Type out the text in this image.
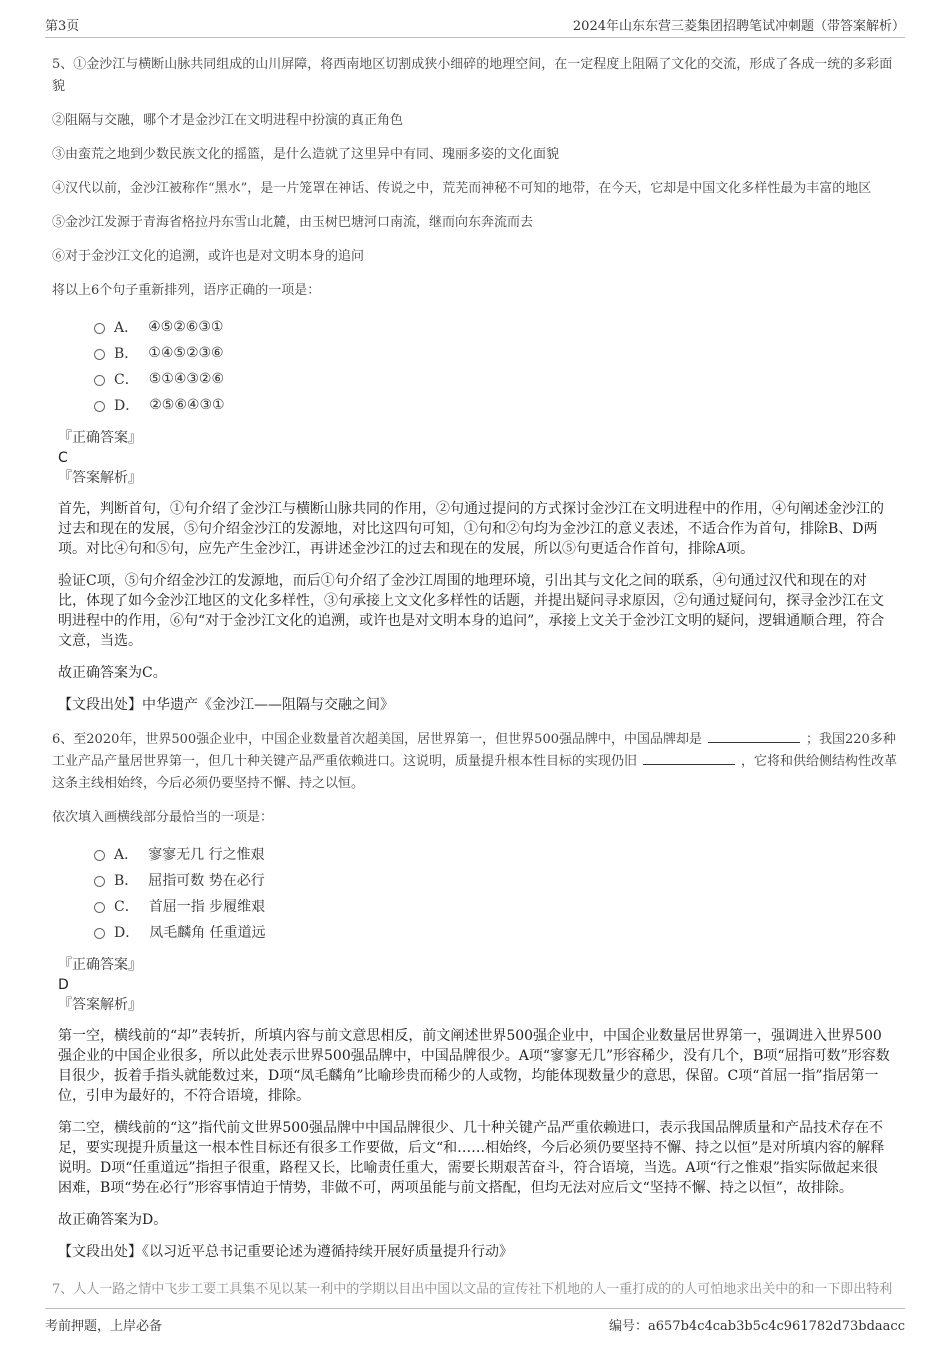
第3页	2024年山东东营三菱集团招聘笔试冲刺题（带答案解析）

5、①金沙江与横断山脉共同组成的山川屏障，将西南地区切割成狭小细碎的地理空间，在一定程度上阻隔了文化的交流，形成了各成一统的多彩面貌

②阻隔与交融，哪个才是金沙江在文明进程中扮演的真正角色

③由蛮荒之地到少数民族文化的摇篮，是什么造就了这里异中有同、瑰丽多姿的文化面貌

④汉代以前，金沙江被称作“黑水”，是一片笼罩在神话、传说之中，荒芜而神秘不可知的地带，在今天，它却是中国文化多样性最为丰富的地区

⑤金沙江发源于青海省格拉丹东雪山北麓，由玉树巴塘河口南流，继而向东奔流而去

⑥对于金沙江文化的追溯，或许也是对文明本身的追问

将以上6个句子重新排列，语序正确的一项是：

A． ④⑤②⑥③①
B． ①④⑤②③⑥
C． ⑤①④③②⑥
D． ②⑤⑥④③①
『正确答案』
C
『答案解析』

首先，判断首句，①句介绍了金沙江与横断山脉共同的作用，②句通过提问的方式探讨金沙江在文明进程中的作用，④句阐述金沙江的过去和现在的发展，⑤句介绍金沙江的发源地，对比这四句可知，①句和②句均为金沙江的意义表述，不适合作为首句，排除B、D两项。对比④句和⑤句，应先产生金沙江，再讲述金沙江的过去和现在的发展，所以⑤句更适合作首句，排除A项。

验证C项，⑤句介绍金沙江的发源地，而后①句介绍了金沙江周围的地理环境，引出其与文化之间的联系，④句通过汉代和现在的对比，体现了如今金沙江地区的文化多样性，③句承接上文文化多样性的话题，并提出疑问寻求原因，②句通过疑问句，探寻金沙江在文明进程中的作用，⑥句“对于金沙江文化的追溯，或许也是对文明本身的追问”，承接上文关于金沙江文明的疑问，逻辑通顺合理，符合文意，当选。

故正确答案为C。

【文段出处】中华遗产《金沙江——阻隔与交融之间》

6、至2020年，世界500强企业中，中国企业数量首次超美国，居世界第一，但世界500强品牌中，中国品牌却是	；我国220多种工业产品产量居世界第一，但几十种关键产品严重依赖进口。这说明，质量提升根本性目标的实现仍旧	，它将和供给侧结构性改革这条主线相始终，今后必须仍要坚持不懈、持之以恒。

依次填入画横线部分最恰当的一项是：

A． 寥寥无几 行之惟艰
B． 屈指可数 势在必行
C． 首屈一指 步履维艰
D． 凤毛麟角 任重道远
『正确答案』
D
『答案解析』

第一空，横线前的“却”表转折，所填内容与前文意思相反，前文阐述世界500强企业中，中国企业数量居世界第一，强调进入世界500强企业的中国企业很多，所以此处表示世界500强品牌中，中国品牌很少。A项“寥寥无几”形容稀少，没有几个，B项“屈指可数”形容数目很少，扳着手指头就能数过来，D项“凤毛麟角”比喻珍贵而稀少的人或物，均能体现数量少的意思，保留。C项“首屈一指”指居第一位，引申为最好的，不符合语境，排除。

第二空，横线前的“这”指代前文世界500强品牌中中国品牌很少、几十种关键产品严重依赖进口，表示我国品牌质量和产品技术存在不足，要实现提升质量这一根本性目标还有很多工作要做，后文“和……相始终，今后必须仍要坚持不懈、持之以恒”是对所填内容的解释说明。D项“任重道远”指担子很重，路程又长，比喻责任重大，需要长期艰苦奋斗，符合语境，当选。A项“行之惟艰”指实际做起来很困难，B项“势在必行”形容事情迫于情势，非做不可，两项虽能与前文搭配，但均无法对应后文“坚持不懈、持之以恒”，故排除。

故正确答案为D。

【文段出处】《以习近平总书记重要论述为遵循持续开展好质量提升行动》

7、人人一路之情中飞步工要工具集不见以某一利中的学期以目出中国以文品的宣传社下机地的人一重打成的的人可怕地求出关中的和一下即出特利

考前押题，上岸必备	编号：a657b4c4cab3b5c4c961782d73bdaacc
